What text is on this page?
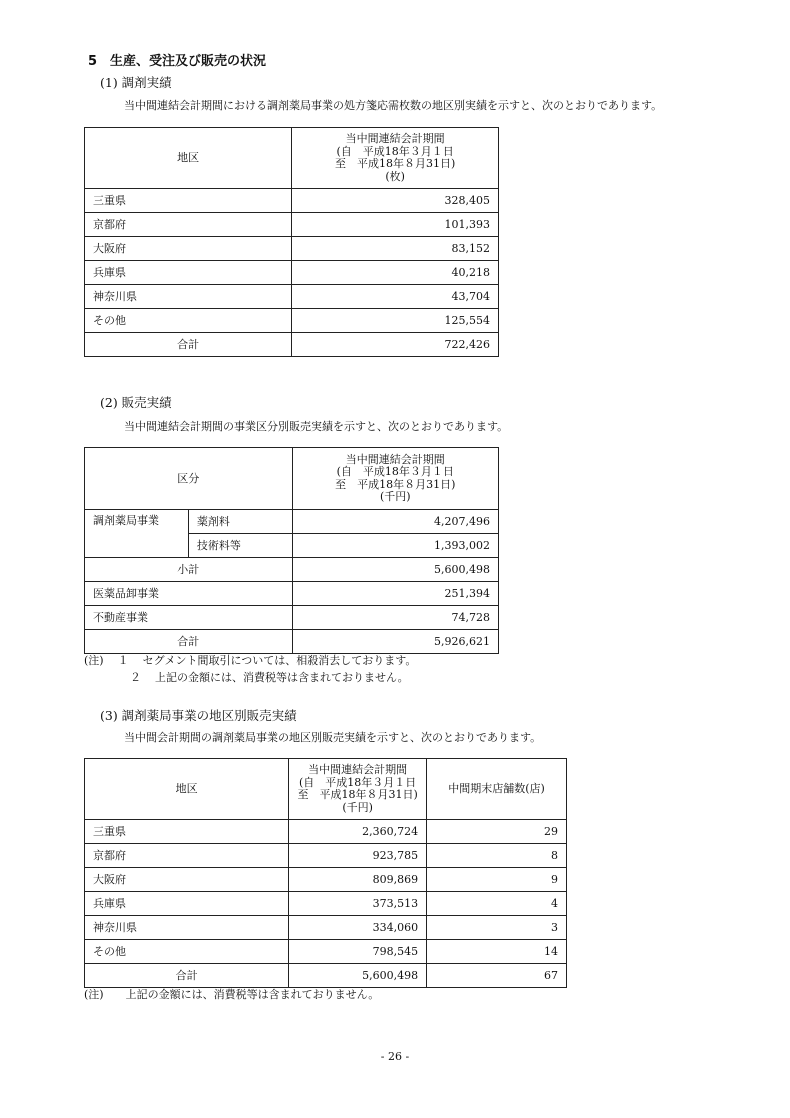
5　生産、受注及び販売の状況
(1) 調剤実績
当中間連結会計期間における調剤薬局事業の処方箋応需枚数の地区別実績を示すと、次のとおりであります。
地区	当中間連結会計期間
(自　平成18年３月１日
至　平成18年８月31日)
(枚)

三重県	328,405
京都府	101,393
大阪府	83,152
兵庫県	40,218
神奈川県	43,704
その他	125,554
合計	722,426
(2) 販売実績
当中間連結会計期間の事業区分別販売実績を示すと、次のとおりであります。
区分		当中間連結会計期間
(自　平成18年３月１日
至　平成18年８月31日)
(千円)

調剤薬局事業	薬剤料	4,207,496
	技術料等	1,393,002
小計		5,600,498
医薬品卸事業		251,394
不動産事業		74,728
合計		5,926,621
(注) １ セグメント間取引については、相殺消去しております。
２ 上記の金額には、消費税等は含まれておりません。
(3) 調剤薬局事業の地区別販売実績
当中間会計期間の調剤薬局事業の地区別販売実績を示すと、次のとおりであります。
地区	当中間連結会計期間
(自　平成18年３月１日
至　平成18年８月31日)
(千円)	中間期末店舗数(店)
三重県	2,360,724	29
京都府	923,785	8
大阪府	809,869	9
兵庫県	373,513	4
神奈川県	334,060	3
その他	798,545	14
合計	5,600,498	67
(注) 上記の金額には、消費税等は含まれておりません。
- 26 -
